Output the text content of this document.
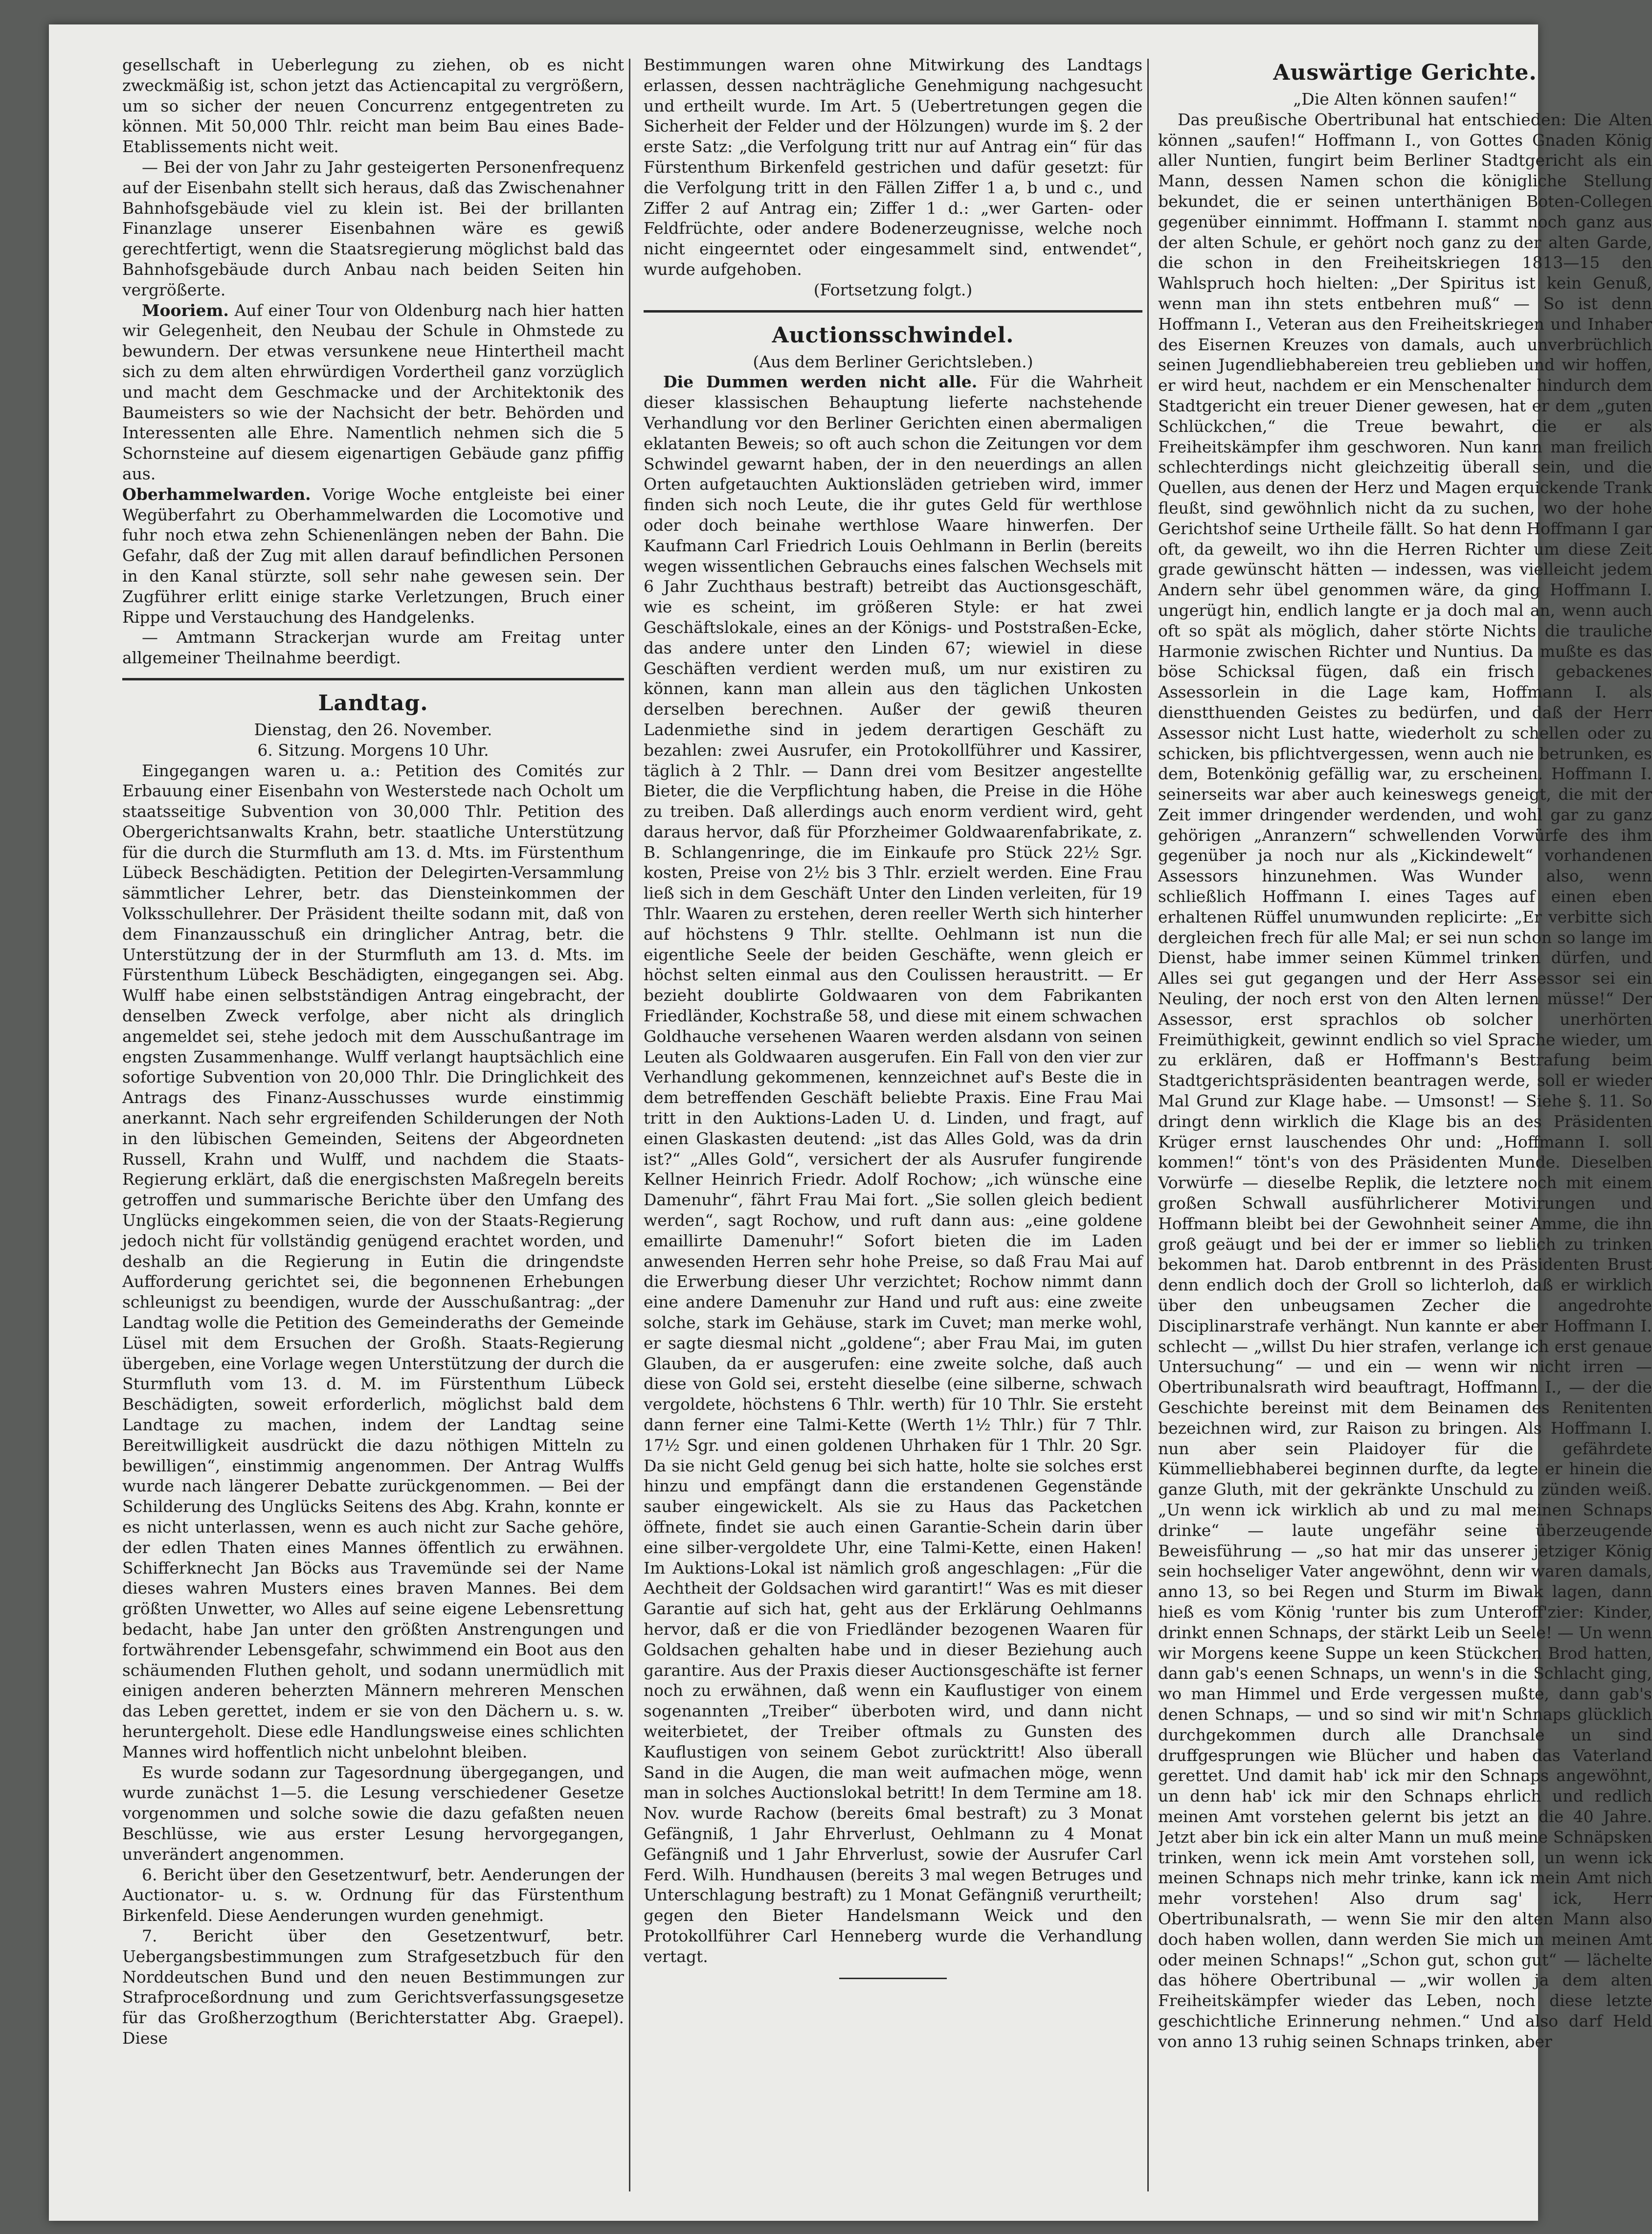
gesellschaft in Ueberlegung zu ziehen, ob es nicht zweckmäßig ist, schon jetzt das Actiencapital zu vergrößern, um so sicher der neuen Concurrenz entgegentreten zu können. Mit 50,000 Thlr. reicht man beim Bau eines Bade-Etablissements nicht weit.

— Bei der von Jahr zu Jahr gesteigerten Personenfrequenz auf der Eisenbahn stellt sich heraus, daß das Zwischenahner Bahnhofsgebäude viel zu klein ist. Bei der brillanten Finanzlage unserer Eisenbahnen wäre es gewiß gerechtfertigt, wenn die Staatsregierung möglichst bald das Bahnhofsgebäude durch Anbau nach beiden Seiten hin vergrößerte.

Mooriem. Auf einer Tour von Oldenburg nach hier hatten wir Gelegenheit, den Neubau der Schule in Ohmstede zu bewundern. Der etwas versunkene neue Hintertheil macht sich zu dem alten ehrwürdigen Vordertheil ganz vorzüglich und macht dem Geschmacke und der Architektonik des Baumeisters so wie der Nachsicht der betr. Behörden und Interessenten alle Ehre. Namentlich nehmen sich die 5 Schornsteine auf diesem eigenartigen Gebäude ganz pfiffig aus.

Oberhammelwarden. Vorige Woche entgleiste bei einer Wegüberfahrt zu Oberhammelwarden die Locomotive und fuhr noch etwa zehn Schienenlängen neben der Bahn. Die Gefahr, daß der Zug mit allen darauf befindlichen Personen in den Kanal stürzte, soll sehr nahe gewesen sein. Der Zugführer erlitt einige starke Verletzungen, Bruch einer Rippe und Verstauchung des Handgelenks.

— Amtmann Strackerjan wurde am Freitag unter allgemeiner Theilnahme beerdigt.

Landtag.

Dienstag, den 26. November.

6. Sitzung. Morgens 10 Uhr.

Eingegangen waren u. a.: Petition des Comités zur Erbauung einer Eisenbahn von Westerstede nach Ocholt um staatsseitige Subvention von 30,000 Thlr. Petition des Obergerichtsanwalts Krahn, betr. staatliche Unterstützung für die durch die Sturmfluth am 13. d. Mts. im Fürstenthum Lübeck Beschädigten. Petition der Delegirten-Versammlung sämmtlicher Lehrer, betr. das Diensteinkommen der Volksschullehrer. Der Präsident theilte sodann mit, daß von dem Finanzausschuß ein dringlicher Antrag, betr. die Unterstützung der in der Sturmfluth am 13. d. Mts. im Fürstenthum Lübeck Beschädigten, eingegangen sei. Abg. Wulff habe einen selbstständigen Antrag eingebracht, der denselben Zweck verfolge, aber nicht als dringlich angemeldet sei, stehe jedoch mit dem Ausschußantrage im engsten Zusammenhange. Wulff verlangt hauptsächlich eine sofortige Subvention von 20,000 Thlr. Die Dringlichkeit des Antrags des Finanz-Ausschusses wurde einstimmig anerkannt. Nach sehr ergreifenden Schilderungen der Noth in den lübischen Gemeinden, Seitens der Abgeordneten Russell, Krahn und Wulff, und nachdem die Staats-Regierung erklärt, daß die energischsten Maßregeln bereits getroffen und summarische Berichte über den Umfang des Unglücks eingekommen seien, die von der Staats-Regierung jedoch nicht für vollständig genügend erachtet worden, und deshalb an die Regierung in Eutin die dringendste Aufforderung gerichtet sei, die begonnenen Erhebungen schleunigst zu beendigen, wurde der Ausschußantrag: „der Landtag wolle die Petition des Gemeinderaths der Gemeinde Lüsel mit dem Ersuchen der Großh. Staats-Regierung übergeben, eine Vorlage wegen Unterstützung der durch die Sturmfluth vom 13. d. M. im Fürstenthum Lübeck Beschädigten, soweit erforderlich, möglichst bald dem Landtage zu machen, indem der Landtag seine Bereitwilligkeit ausdrückt die dazu nöthigen Mitteln zu bewilligen“, einstimmig angenommen. Der Antrag Wulffs wurde nach längerer Debatte zurückgenommen. — Bei der Schilderung des Unglücks Seitens des Abg. Krahn, konnte er es nicht unterlassen, wenn es auch nicht zur Sache gehöre, der edlen Thaten eines Mannes öffentlich zu erwähnen. Schifferknecht Jan Böcks aus Travemünde sei der Name dieses wahren Musters eines braven Mannes. Bei dem größten Unwetter, wo Alles auf seine eigene Lebensrettung bedacht, habe Jan unter den größten Anstrengungen und fortwährender Lebensgefahr, schwimmend ein Boot aus den schäumenden Fluthen geholt, und sodann unermüdlich mit einigen anderen beherzten Männern mehreren Menschen das Leben gerettet, indem er sie von den Dächern u. s. w. heruntergeholt. Diese edle Handlungsweise eines schlichten Mannes wird hoffentlich nicht unbelohnt bleiben.

Es wurde sodann zur Tagesordnung übergegangen, und wurde zunächst 1—5. die Lesung verschiedener Gesetze vorgenommen und solche sowie die dazu gefaßten neuen Beschlüsse, wie aus erster Lesung hervorgegangen, unverändert angenommen.

6. Bericht über den Gesetzentwurf, betr. Aenderungen der Auctionator- u. s. w. Ordnung für das Fürstenthum Birkenfeld. Diese Aenderungen wurden genehmigt.

7. Bericht über den Gesetzentwurf, betr. Uebergangsbestimmungen zum Strafgesetzbuch für den Norddeutschen Bund und den neuen Bestimmungen zur Strafproceßordnung und zum Gerichtsverfassungsgesetze für das Großherzogthum (Berichterstatter Abg. Graepel). Diese

Bestimmungen waren ohne Mitwirkung des Landtags erlassen, dessen nachträgliche Genehmigung nachgesucht und ertheilt wurde. Im Art. 5 (Uebertretungen gegen die Sicherheit der Felder und der Hölzungen) wurde im §. 2 der erste Satz: „die Verfolgung tritt nur auf Antrag ein“ für das Fürstenthum Birkenfeld gestrichen und dafür gesetzt: für die Verfolgung tritt in den Fällen Ziffer 1 a, b und c., und Ziffer 2 auf Antrag ein; Ziffer 1 d.: „wer Garten- oder Feldfrüchte, oder andere Bodenerzeugnisse, welche noch nicht eingeerntet oder eingesammelt sind, entwendet“, wurde aufgehoben.

(Fortsetzung folgt.)

Auctionsschwindel.

(Aus dem Berliner Gerichtsleben.)

Die Dummen werden nicht alle. Für die Wahrheit dieser klassischen Behauptung lieferte nachstehende Verhandlung vor den Berliner Gerichten einen abermaligen eklatanten Beweis; so oft auch schon die Zeitungen vor dem Schwindel gewarnt haben, der in den neuerdings an allen Orten aufgetauchten Auktionsläden getrieben wird, immer finden sich noch Leute, die ihr gutes Geld für werthlose oder doch beinahe werthlose Waare hinwerfen. Der Kaufmann Carl Friedrich Louis Oehlmann in Berlin (bereits wegen wissentlichen Gebrauchs eines falschen Wechsels mit 6 Jahr Zuchthaus bestraft) betreibt das Auctionsgeschäft, wie es scheint, im größeren Style: er hat zwei Geschäftslokale, eines an der Königs- und Poststraßen-Ecke, das andere unter den Linden 67; wiewiel in diese Geschäften verdient werden muß, um nur existiren zu können, kann man allein aus den täglichen Unkosten derselben berechnen. Außer der gewiß theuren Ladenmiethe sind in jedem derartigen Geschäft zu bezahlen: zwei Ausrufer, ein Protokollführer und Kassirer, täglich à 2 Thlr. — Dann drei vom Besitzer angestellte Bieter, die die Verpflichtung haben, die Preise in die Höhe zu treiben. Daß allerdings auch enorm verdient wird, geht daraus hervor, daß für Pforzheimer Goldwaarenfabrikate, z. B. Schlangenringe, die im Einkaufe pro Stück 22½ Sgr. kosten, Preise von 2½ bis 3 Thlr. erzielt werden. Eine Frau ließ sich in dem Geschäft Unter den Linden verleiten, für 19 Thlr. Waaren zu erstehen, deren reeller Werth sich hinterher auf höchstens 9 Thlr. stellte. Oehlmann ist nun die eigentliche Seele der beiden Geschäfte, wenn gleich er höchst selten einmal aus den Coulissen heraustritt. — Er bezieht doublirte Goldwaaren von dem Fabrikanten Friedländer, Kochstraße 58, und diese mit einem schwachen Goldhauche versehenen Waaren werden alsdann von seinen Leuten als Goldwaaren ausgerufen. Ein Fall von den vier zur Verhandlung gekommenen, kennzeichnet auf's Beste die in dem betreffenden Geschäft beliebte Praxis. Eine Frau Mai tritt in den Auktions-Laden U. d. Linden, und fragt, auf einen Glaskasten deutend: „ist das Alles Gold, was da drin ist?“ „Alles Gold“, versichert der als Ausrufer fungirende Kellner Heinrich Friedr. Adolf Rochow; „ich wünsche eine Damenuhr“, fährt Frau Mai fort. „Sie sollen gleich bedient werden“, sagt Rochow, und ruft dann aus: „eine goldene emaillirte Damenuhr!“ Sofort bieten die im Laden anwesenden Herren sehr hohe Preise, so daß Frau Mai auf die Erwerbung dieser Uhr verzichtet; Rochow nimmt dann eine andere Damenuhr zur Hand und ruft aus: eine zweite solche, stark im Gehäuse, stark im Cuvet; man merke wohl, er sagte diesmal nicht „goldene“; aber Frau Mai, im guten Glauben, da er ausgerufen: eine zweite solche, daß auch diese von Gold sei, ersteht dieselbe (eine silberne, schwach vergoldete, höchstens 6 Thlr. werth) für 10 Thlr. Sie ersteht dann ferner eine Talmi-Kette (Werth 1½ Thlr.) für 7 Thlr. 17½ Sgr. und einen goldenen Uhrhaken für 1 Thlr. 20 Sgr. Da sie nicht Geld genug bei sich hatte, holte sie solches erst hinzu und empfängt dann die erstandenen Gegenstände sauber eingewickelt. Als sie zu Haus das Packetchen öffnete, findet sie auch einen Garantie-Schein darin über eine silber-vergoldete Uhr, eine Talmi-Kette, einen Haken! Im Auktions-Lokal ist nämlich groß angeschlagen: „Für die Aechtheit der Goldsachen wird garantirt!“ Was es mit dieser Garantie auf sich hat, geht aus der Erklärung Oehlmanns hervor, daß er die von Friedländer bezogenen Waaren für Goldsachen gehalten habe und in dieser Beziehung auch garantire. Aus der Praxis dieser Auctionsgeschäfte ist ferner noch zu erwähnen, daß wenn ein Kauflustiger von einem sogenannten „Treiber“ überboten wird, und dann nicht weiterbietet, der Treiber oftmals zu Gunsten des Kauflustigen von seinem Gebot zurücktritt! Also überall Sand in die Augen, die man weit aufmachen möge, wenn man in solches Auctionslokal betritt! In dem Termine am 18. Nov. wurde Rachow (bereits 6mal bestraft) zu 3 Monat Gefängniß, 1 Jahr Ehrverlust, Oehlmann zu 4 Monat Gefängniß und 1 Jahr Ehrverlust, sowie der Ausrufer Carl Ferd. Wilh. Hundhausen (bereits 3 mal wegen Betruges und Unterschlagung bestraft) zu 1 Monat Gefängniß verurtheilt; gegen den Bieter Handelsmann Weick und den Protokollführer Carl Henneberg wurde die Verhandlung vertagt.

Auswärtige Gerichte.

„Die Alten können saufen!“

Das preußische Obertribunal hat entschieden: Die Alten können „saufen!“ Hoffmann I., von Gottes Gnaden König aller Nuntien, fungirt beim Berliner Stadtgericht als ein Mann, dessen Namen schon die königliche Stellung bekundet, die er seinen unterthänigen Boten-Collegen gegenüber einnimmt. Hoffmann I. stammt noch ganz aus der alten Schule, er gehört noch ganz zu der alten Garde, die schon in den Freiheitskriegen 1813—15 den Wahlspruch hoch hielten: „Der Spiritus ist kein Genuß, wenn man ihn stets entbehren muß“ — So ist denn Hoffmann I., Veteran aus den Freiheitskriegen und Inhaber des Eisernen Kreuzes von damals, auch unverbrüchlich seinen Jugendliebhabereien treu geblieben und wir hoffen, er wird heut, nachdem er ein Menschenalter hindurch dem Stadtgericht ein treuer Diener gewesen, hat er dem „guten Schlückchen,“ die Treue bewahrt, die er als Freiheitskämpfer ihm geschworen. Nun kann man freilich schlechterdings nicht gleichzeitig überall sein, und die Quellen, aus denen der Herz und Magen erquickende Trank fleußt, sind gewöhnlich nicht da zu suchen, wo der hohe Gerichtshof seine Urtheile fällt. So hat denn Hoffmann I gar oft, da geweilt, wo ihn die Herren Richter um diese Zeit grade gewünscht hätten — indessen, was vielleicht jedem Andern sehr übel genommen wäre, da ging Hoffmann I. ungerügt hin, endlich langte er ja doch mal an, wenn auch oft so spät als möglich, daher störte Nichts die trauliche Harmonie zwischen Richter und Nuntius. Da mußte es das böse Schicksal fügen, daß ein frisch gebackenes Assessorlein in die Lage kam, Hoffmann I. als dienstthuenden Geistes zu bedürfen, und daß der Herr Assessor nicht Lust hatte, wiederholt zu schellen oder zu schicken, bis pflichtvergessen, wenn auch nie betrunken, es dem, Botenkönig gefällig war, zu erscheinen. Hoffmann I. seinerseits war aber auch keineswegs geneigt, die mit der Zeit immer dringender werdenden, und wohl gar zu ganz gehörigen „Anranzern“ schwellenden Vorwürfe des ihm gegenüber ja noch nur als „Kickindewelt“ vorhandenen Assessors hinzunehmen. Was Wunder also, wenn schließlich Hoffmann I. eines Tages auf einen eben erhaltenen Rüffel unumwunden replicirte: „Er verbitte sich dergleichen frech für alle Mal; er sei nun schon so lange im Dienst, habe immer seinen Kümmel trinken dürfen, und Alles sei gut gegangen und der Herr Assessor sei ein Neuling, der noch erst von den Alten lernen müsse!“ Der Assessor, erst sprachlos ob solcher unerhörten Freimüthigkeit, gewinnt endlich so viel Sprache wieder, um zu erklären, daß er Hoffmann's Bestrafung beim Stadtgerichtspräsidenten beantragen werde, soll er wieder Mal Grund zur Klage habe. — Umsonst! — Siehe §. 11. So dringt denn wirklich die Klage bis an des Präsidenten Krüger ernst lauschendes Ohr und: „Hoffmann I. soll kommen!“ tönt's von des Präsidenten Munde. Dieselben Vorwürfe — dieselbe Replik, die letztere noch mit einem großen Schwall ausführlicherer Motivirungen und Hoffmann bleibt bei der Gewohnheit seiner Amme, die ihn groß geäugt und bei der er immer so lieblich zu trinken bekommen hat. Darob entbrennt in des Präsidenten Brust denn endlich doch der Groll so lichterloh, daß er wirklich über den unbeugsamen Zecher die angedrohte Disciplinarstrafe verhängt. Nun kannte er aber Hoffmann I. schlecht — „willst Du hier strafen, verlange ich erst genaue Untersuchung“ — und ein — wenn wir nicht irren — Obertribunalsrath wird beauftragt, Hoffmann I., — der die Geschichte bereinst mit dem Beinamen des Renitenten bezeichnen wird, zur Raison zu bringen. Als Hoffmann I. nun aber sein Plaidoyer für die gefährdete Kümmelliebhaberei beginnen durfte, da legte er hinein die ganze Gluth, mit der gekränkte Unschuld zu zünden weiß. „Un wenn ick wirklich ab und zu mal meinen Schnaps drinke“ — laute ungefähr seine überzeugende Beweisführung — „so hat mir das unserer jetziger König sein hochseliger Vater angewöhnt, denn wir waren damals, anno 13, so bei Regen und Sturm im Biwak lagen, dann hieß es vom König 'runter bis zum Unteroff'zier: Kinder, drinkt ennen Schnaps, der stärkt Leib un Seele! — Un wenn wir Morgens keene Suppe un keen Stückchen Brod hatten, dann gab's eenen Schnaps, un wenn's in die Schlacht ging, wo man Himmel und Erde vergessen mußte, dann gab's denen Schnaps, — und so sind wir mit'n Schnaps glücklich durchgekommen durch alle Dranchsale un sind druffgesprungen wie Blücher und haben das Vaterland gerettet. Und damit hab' ick mir den Schnaps angewöhnt, un denn hab' ick mir den Schnaps ehrlich und redlich meinen Amt vorstehen gelernt bis jetzt an die 40 Jahre. Jetzt aber bin ick ein alter Mann un muß meine Schnäpsken trinken, wenn ick mein Amt vorstehen soll, un wenn ick meinen Schnaps nich mehr trinke, kann ick mein Amt nich mehr vorstehen! Also drum sag' ick, Herr Obertribunalsrath, — wenn Sie mir den alten Mann also doch haben wollen, dann werden Sie mich un meinen Amt oder meinen Schnaps!“ „Schon gut, schon gut“ — lächelte das höhere Obertribunal — „wir wollen ja dem alten Freiheitskämpfer wieder das Leben, noch diese letzte geschichtliche Erinnerung nehmen.“ Und also darf Held von anno 13 ruhig seinen Schnaps trinken, aber
